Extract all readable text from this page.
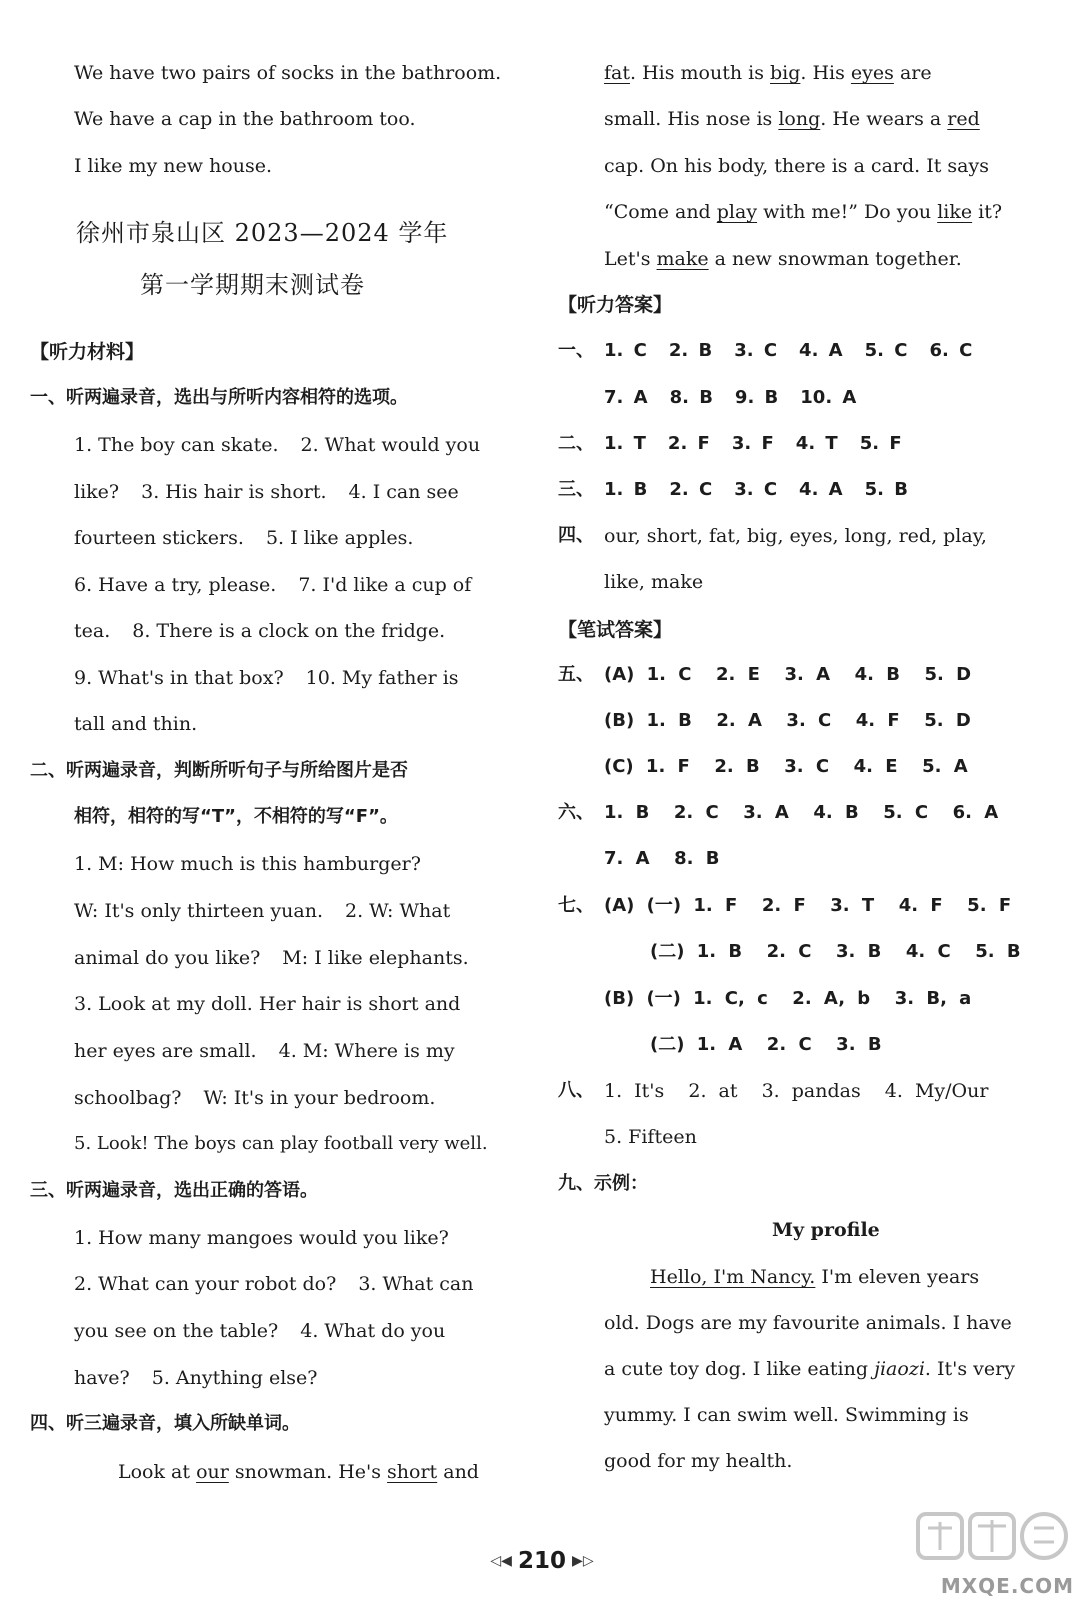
We have two pairs of socks in the bathroom.
We have a cap in the bathroom too.
I like my new house.
徐州市泉山区 2023—2024 学年
第一学期期末测试卷
【听力材料】
一、听两遍录音，选出与所听内容相符的选项。
1. The boy can skate. 2. What would you
like? 3. His hair is short. 4. I can see
fourteen stickers. 5. I like apples.
6. Have a try, please. 7. I'd like a cup of
tea. 8. There is a clock on the fridge.
9. What's in that box? 10. My father is
tall and thin.
二、听两遍录音，判断所听句子与所给图片是否
相符，相符的写“T”，不相符的写“F”。
1. M: How much is this hamburger?
W: It's only thirteen yuan. 2. W: What
animal do you like? M: I like elephants.
3. Look at my doll. Her hair is short and
her eyes are small. 4. M: Where is my
schoolbag? W: It's in your bedroom.
5. Look! The boys can play football very well.
三、听两遍录音，选出正确的答语。
1. How many mangoes would you like?
2. What can your robot do? 3. What can
you see on the table? 4. What do you
have? 5. Anything else?
四、听三遍录音，填入所缺单词。
Look at our snowman. He's short and
fat. His mouth is big. His eyes are
small. His nose is long. He wears a red
cap. On his body, there is a card. It says
“Come and play with me!” Do you like it?
Let's make a new snowman together.
【听力答案】
一、 1. C 2. B 3. C 4. A 5. C 6. C
7. A 8. B 9. B 10. A
二、 1. T 2. F 3. F 4. T 5. F
三、 1. B 2. C 3. C 4. A 5. B
四、 our, short, fat, big, eyes, long, red, play,
like, make
【笔试答案】
五、 (A) 1. C  2. E  3. A  4. B  5. D
(B) 1. B  2. A  3. C  4. F  5. D
(C) 1. F  2. B  3. C  4. E  5. A
六、 1. B  2. C  3. A  4. B  5. C  6. A
7. A  8. B
七、 (A) (一) 1. F  2. F  3. T  4. F  5. F
(二) 1. B  2. C  3. B  4. C  5. B
(B) (一) 1. C, c  2. A, b  3. B, a
(二) 1. A  2. C  3. B
八、 1. It's  2. at  3. pandas  4. My/Our
5. Fifteen
九、示例：
My profile
Hello, I'm Nancy. I'm eleven years
old. Dogs are my favourite animals. I have
a cute toy dog. I like eating jiaozi. It's very
yummy. I can swim well. Swimming is
good for my health.
◁◀ 210 ▶▷
MXQE.COM
